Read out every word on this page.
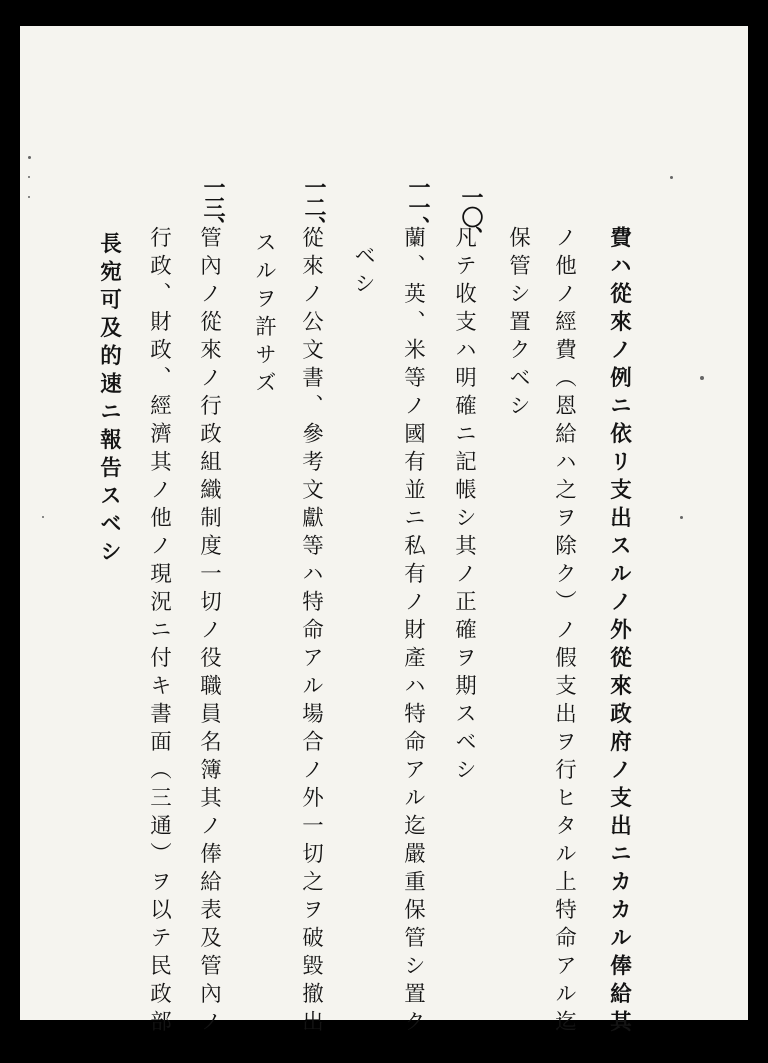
一〇、
一一、
一二、
一三、
費ハ從來ノ例ニ依リ支出スルノ外從來政府ノ支出ニカカル俸給其
ノ他ノ經費（恩給ハ之ヲ除ク）ノ假支出ヲ行ヒタル上特命アル迄
保管シ置クベシ
凡テ收支ハ明確ニ記帳シ其ノ正確ヲ期スベシ
蘭、英、米等ノ國有並ニ私有ノ財產ハ特命アル迄嚴重保管シ置ク
ベシ
從來ノ公文書、參考文獻等ハ特命アル場合ノ外一切之ヲ破毀撤出
スルヲ許サズ
管內ノ從來ノ行政組織制度一切ノ役職員名簿其ノ俸給表及管內ノ
行政、財政、經濟其ノ他ノ現況ニ付キ書面（三通）ヲ以テ民政部
長宛可及的速ニ報告スベシ
